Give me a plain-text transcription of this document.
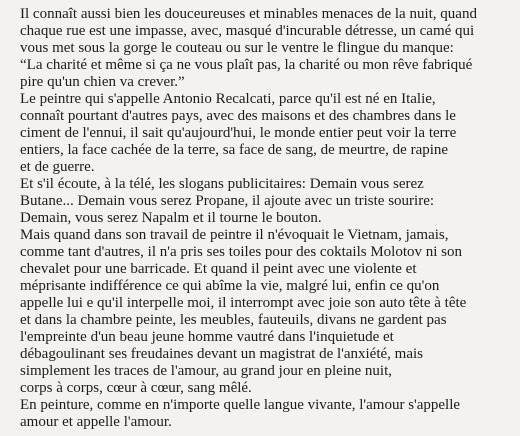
Il connaît aussi bien les douceureuses et minables menaces de la nuit, quand
chaque rue est une impasse, avec, masqué d'incurable détresse, un camé qui
vous met sous la gorge le couteau ou sur le ventre le flingue du manque:
“La charité et même si ça ne vous plaît pas, la charité ou mon rêve fabriqué
pire qu'un chien va crever.”
Le peintre qui s'appelle Antonio Recalcati, parce qu'il est né en Italie,
connaît pourtant d'autres pays, avec des maisons et des chambres dans le
ciment de l'ennui, il sait qu'aujourd'hui, le monde entier peut voir la terre
entiers, la face cachée de la terre, sa face de sang, de meurtre, de rapine
et de guerre.
Et s'il écoute, à la télé, les slogans publicitaires: Demain vous serez
Butane... Demain vous serez Propane, il ajoute avec un triste sourire:
Demain, vous serez Napalm et il tourne le bouton.
Mais quand dans son travail de peintre il n'évoquait le Vietnam, jamais,
comme tant d'autres, il n'a pris ses toiles pour des coktails Molotov ni son
chevalet pour une barricade. Et quand il peint avec une violente et
méprisante indifférence ce qui abîme la vie, malgré lui, enfin ce qu'on
appelle lui e qu'il interpelle moi, il interrompt avec joie son auto tête à tête
et dans la chambre peinte, les meubles, fauteuils, divans ne gardent pas
l'empreinte d'un beau jeune homme vautré dans l'inquietude et
débagoulinant ses freudaines devant un magistrat de l'anxiété, mais
simplement les traces de l'amour, au grand jour en pleine nuit,
corps à corps, cœur à cœur, sang mêlé.
En peinture, comme en n'importe quelle langue vivante, l'amour s'appelle
amour et appelle l'amour.
